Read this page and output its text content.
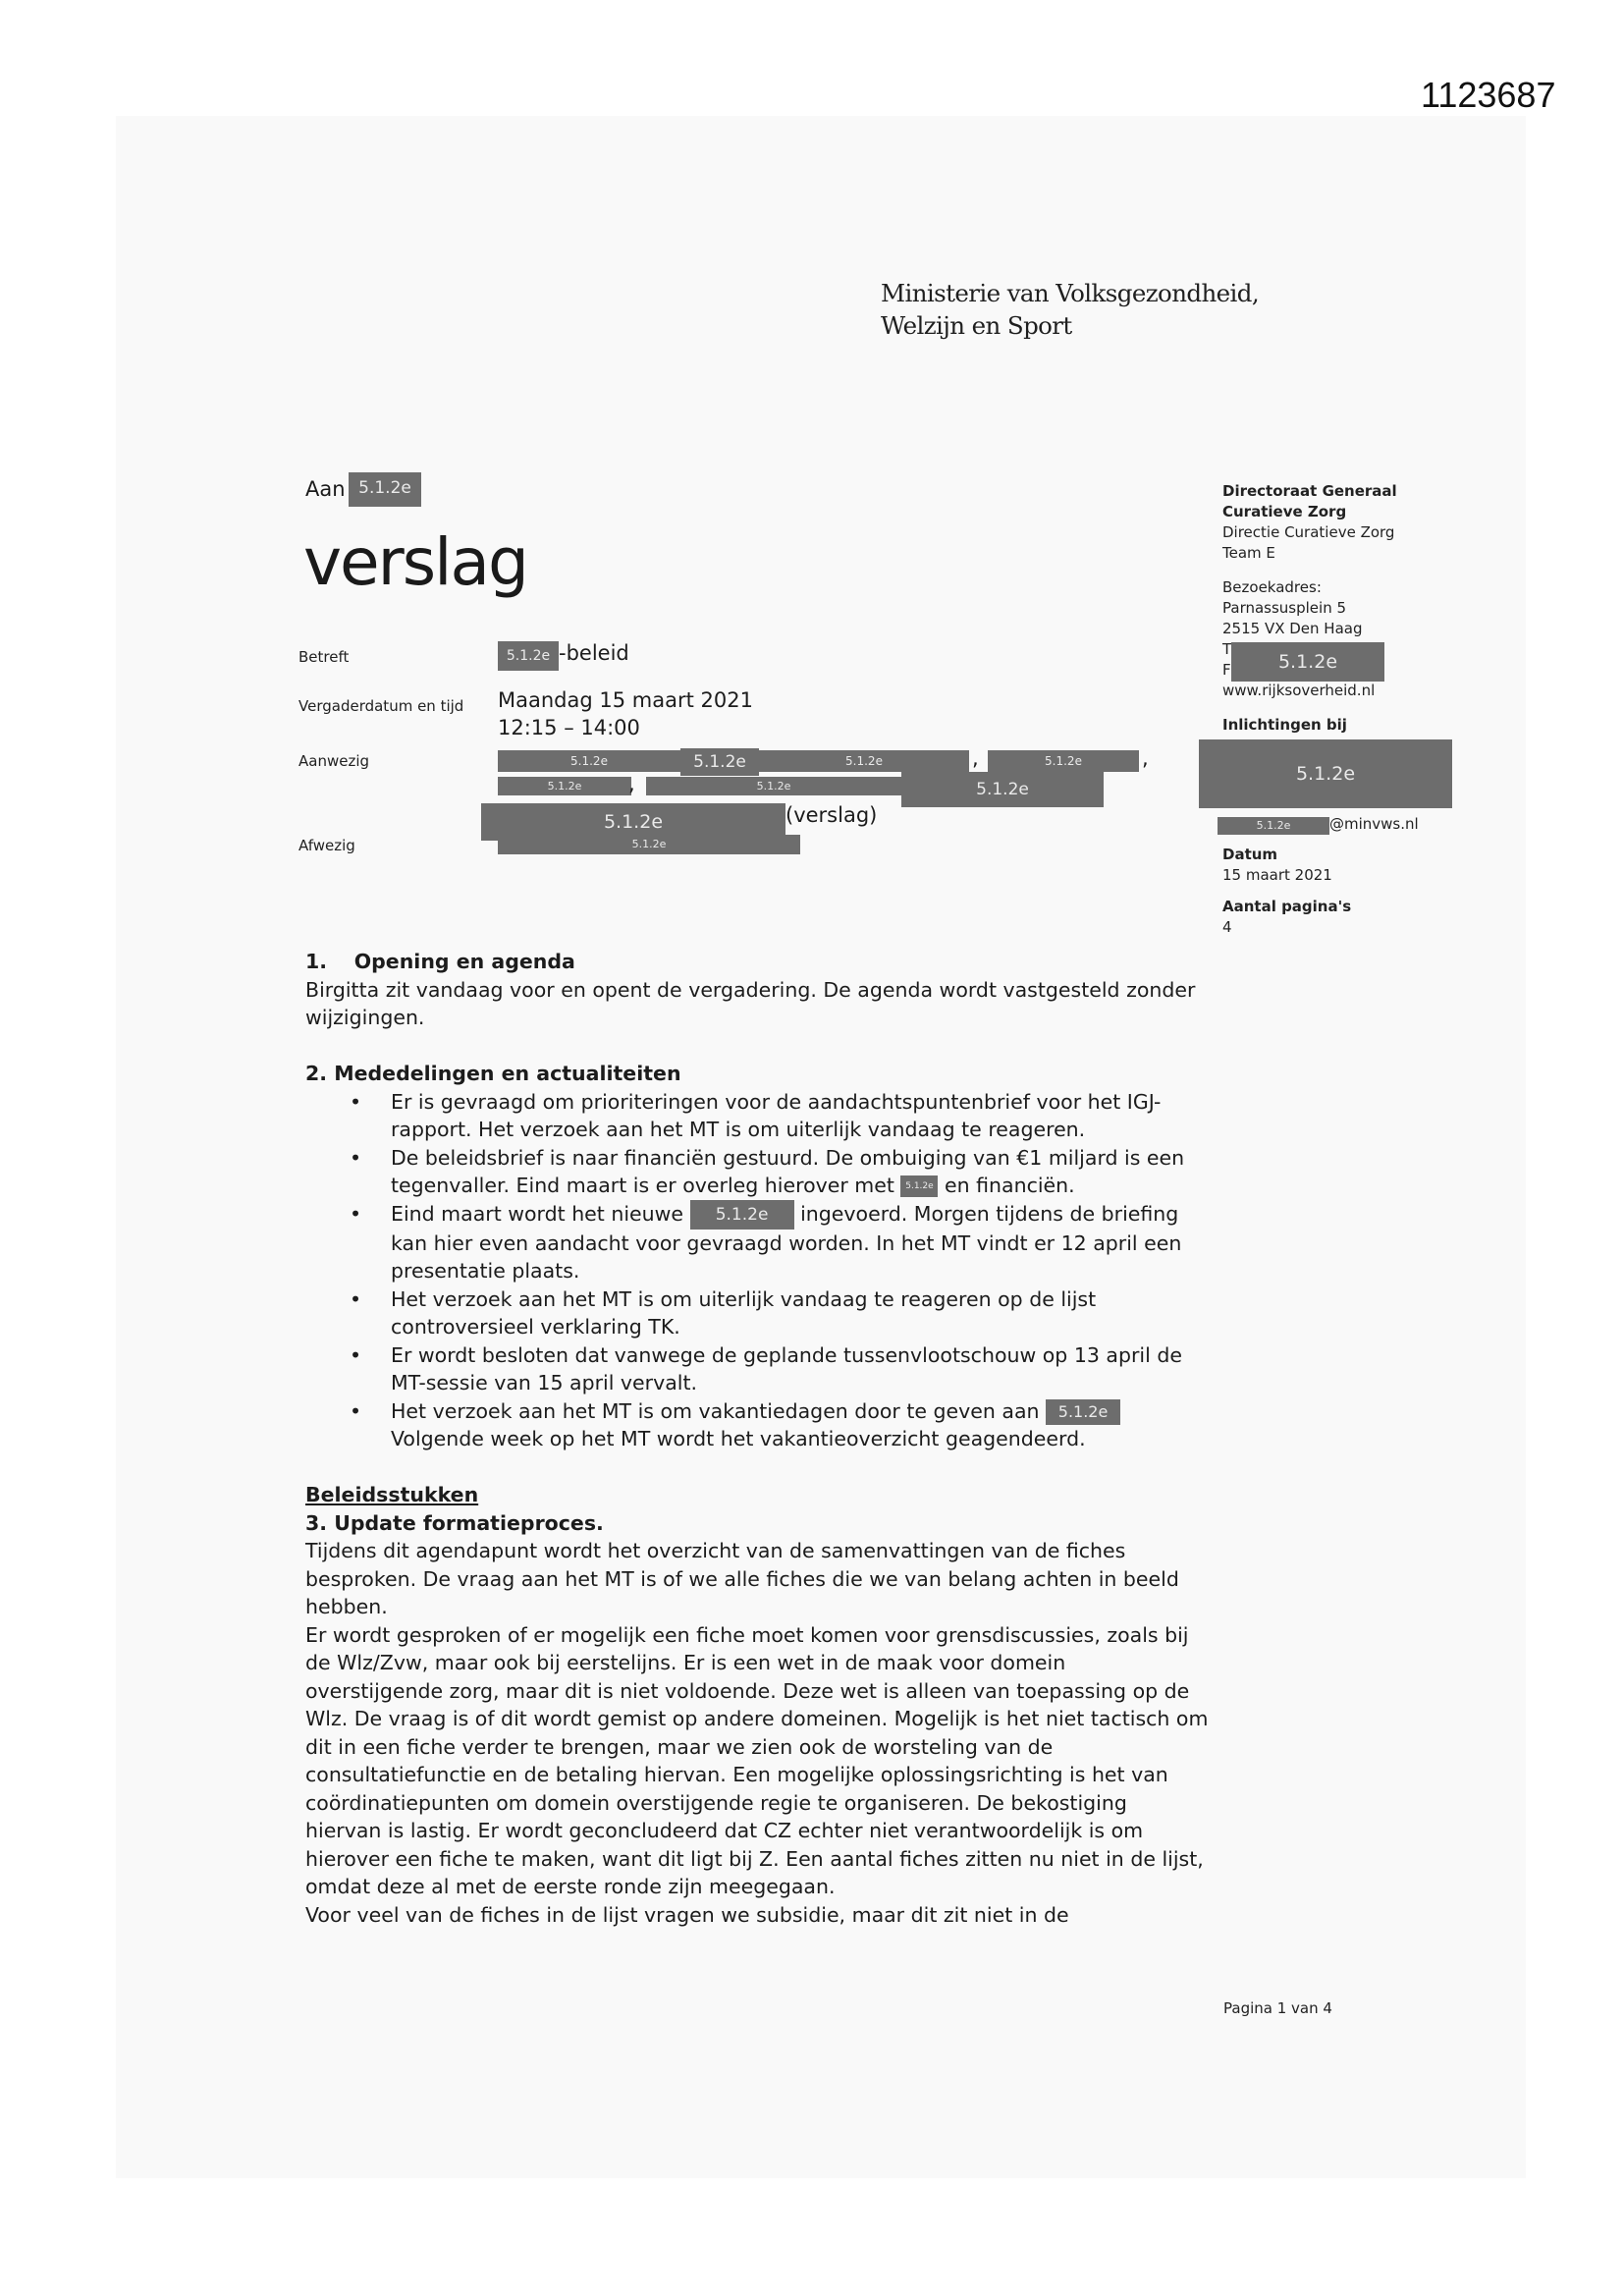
1123687
Ministerie van Volksgezondheid,
Welzijn en Sport
Aan 5.1.2e
verslag
Betreft	5.1.2e -beleid
Vergaderdatum en tijd Maandag 15 maart 2021
12:15 – 14:00
Aanwezig	5.1.2e	5.1.2e	5.1.2e	,	5.1.2e	,
5.1.2e	,	5.1.2e	5.1.2e
5.1.2e	(verslag)
Afwezig	5.1.2e
Directoraat Generaal
Curatieve Zorg
Directie Curatieve Zorg
Team E
Bezoekadres:
Parnassusplein 5
2515 VX Den Haag
T
F
www.rijksoverheid.nl
5.1.2e
Inlichtingen bij
5.1.2e
5.1.2e	@minvws.nl
Datum
15 maart 2021
Aantal pagina's
4

1.  Opening en agenda

Birgitta zit vandaag voor en opent de vergadering. De agenda wordt vastgesteld zonder wijzigingen.

2. Mededelingen en actualiteiten

• Er is gevraagd om prioriteringen voor de aandachtspuntenbrief voor het IGJ-rapport. Het verzoek aan het MT is om uiterlijk vandaag te reageren.
• De beleidsbrief is naar financiën gestuurd. De ombuiging van €1 miljard is een tegenvaller. Eind maart is er overleg hierover met 5.1.2e en financiën.
• Eind maart wordt het nieuwe 5.1.2e ingevoerd. Morgen tijdens de briefing kan hier even aandacht voor gevraagd worden. In het MT vindt er 12 april een presentatie plaats.
• Het verzoek aan het MT is om uiterlijk vandaag te reageren op de lijst controversieel verklaring TK.
• Er wordt besloten dat vanwege de geplande tussenvlootschouw op 13 april de MT-sessie van 15 april vervalt.
• Het verzoek aan het MT is om vakantiedagen door te geven aan 5.1.2e Volgende week op het MT wordt het vakantieoverzicht geagendeerd.

Beleidsstukken

3. Update formatieproces.

Tijdens dit agendapunt wordt het overzicht van de samenvattingen van de fiches besproken. De vraag aan het MT is of we alle fiches die we van belang achten in beeld hebben.

Er wordt gesproken of er mogelijk een fiche moet komen voor grensdiscussies, zoals bij de Wlz/Zvw, maar ook bij eerstelijns. Er is een wet in de maak voor domein overstijgende zorg, maar dit is niet voldoende. Deze wet is alleen van toepassing op de Wlz. De vraag is of dit wordt gemist op andere domeinen. Mogelijk is het niet tactisch om dit in een fiche verder te brengen, maar we zien ook de worsteling van de consultatiefunctie en de betaling hiervan. Een mogelijke oplossingsrichting is het van coördinatiepunten om domein overstijgende regie te organiseren. De bekostiging hiervan is lastig. Er wordt geconcludeerd dat CZ echter niet verantwoordelijk is om hierover een fiche te maken, want dit ligt bij Z. Een aantal fiches zitten nu niet in de lijst, omdat deze al met de eerste ronde zijn meegegaan.

Voor veel van de fiches in de lijst vragen we subsidie, maar dit zit niet in de

Pagina 1 van 4
